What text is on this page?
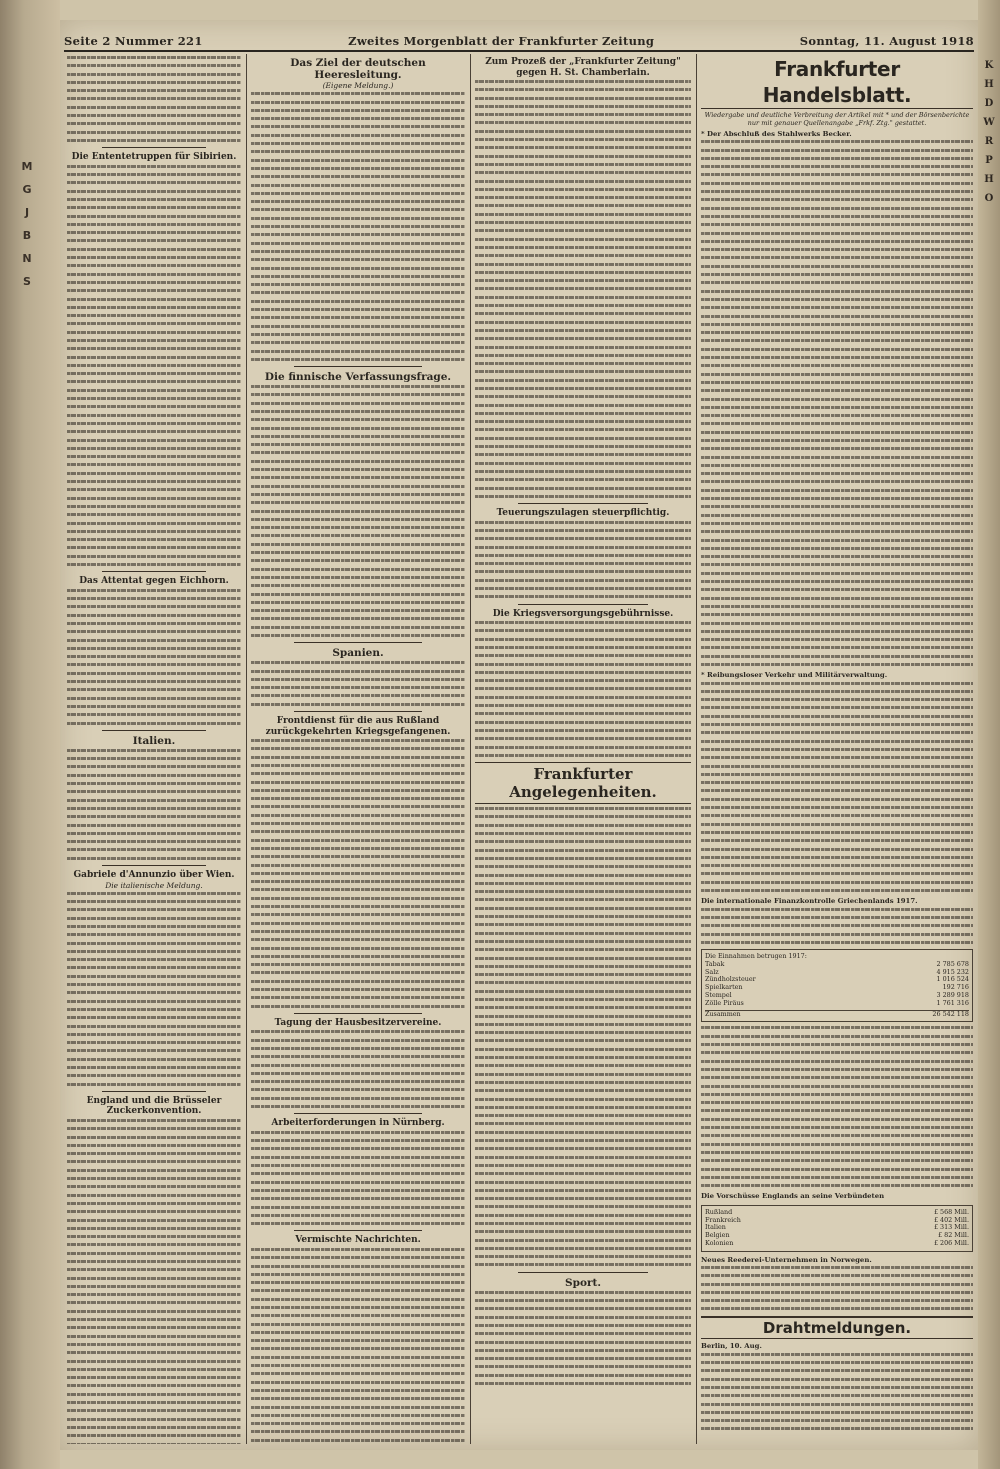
M
G
J
B
N
S
K
H
D
W
R
P
H
O
Seite 2 Nummer 221	Zweites Morgenblatt der Frankfurter Zeitung	Sonntag, 11. August 1918
Die Ententetruppen für Sibirien.
Das Attentat gegen Eichhorn.
Italien.
Gabriele d'Annunzio über Wien.
Die italienische Meldung.
England und die Brüsseler Zuckerkonvention.
Das Ziel der deutschen Heeresleitung.
(Eigene Meldung.)
Die finnische Verfassungsfrage.
Spanien.
Frontdienst für die aus Rußland zurückgekehrten Kriegsgefangenen.
Tagung der Hausbesitzervereine.
Arbeiterforderungen in Nürnberg.
Vermischte Nachrichten.
Zum Prozeß der „Frankfurter Zeitung" gegen H. St. Chamberlain.
Teuerungszulagen steuerpflichtig.
Die Kriegsversorgungsgebührnisse.
Frankfurter Angelegenheiten.
Sport.
Frankfurter Handelsblatt.
Wiedergabe und deutliche Verbreitung der Artikel mit * und der Börsenberichte nur mit genauer Quellenangabe „Frkf. Ztg." gestattet.
* Der Abschluß des Stahlwerks Becker.
* Reibungsloser Verkehr und Militärverwaltung.
Die internationale Finanzkontrolle Griechenlands 1917.
Die Einnahmen betrugen 1917:
Tabak	2 785 678
Salz	4 915 232
Zündholzsteuer	1 016 524
Spielkarten	192 716
Stempel	3 289 918
Zölle Piräus	1 761 316
Zusammen	26 542 118
Die Vorschüsse Englands an seine Verbündeten
Rußland	£ 568 Mill.
Frankreich	£ 402 Mill.
Italien	£ 313 Mill.
Belgien	£ 82 Mill.
Kolonien	£ 206 Mill.
Neues Reederei-Unternehmen in Norwegen.
Drahtmeldungen.
Berlin, 10. Aug.
